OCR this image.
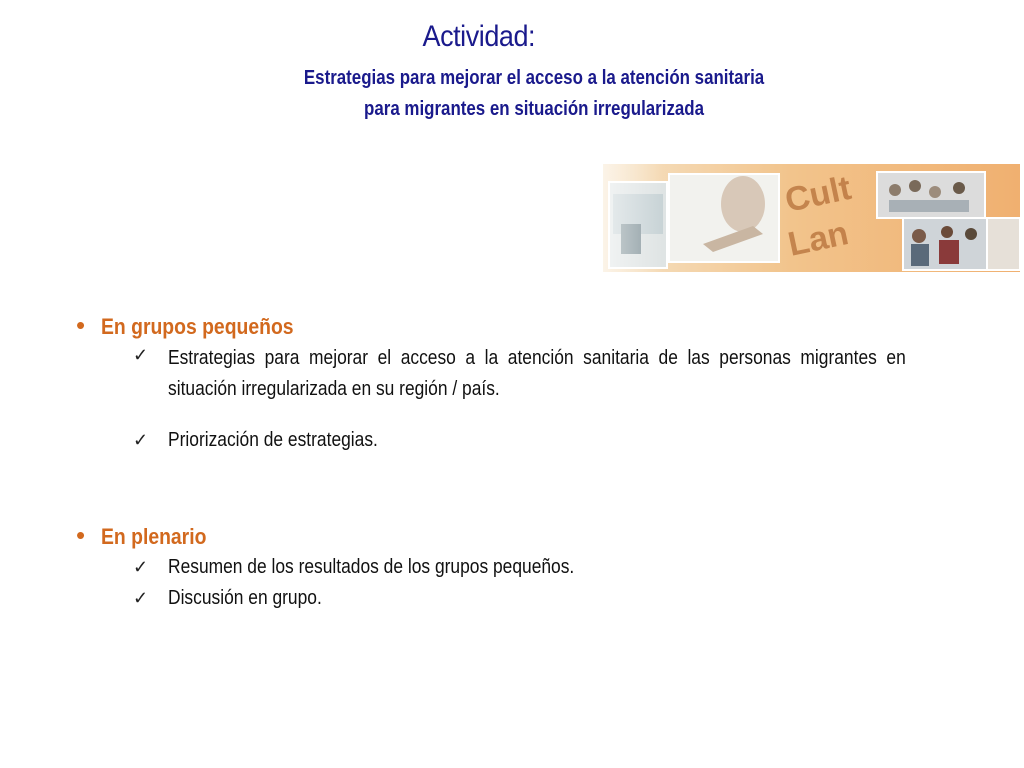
Actividad:
Estrategias para mejorar el acceso a la atención sanitaria
para migrantes en situación irregularizada
Cult
Lan
• En grupos pequeños
✓ Estrategias para mejorar el acceso a la atención sanitaria de las personas migrantes en situación irregularizada en su región / país.
✓ Priorización de estrategias.
• En plenario
✓ Resumen de los resultados de los grupos pequeños.
✓ Discusión en grupo.
